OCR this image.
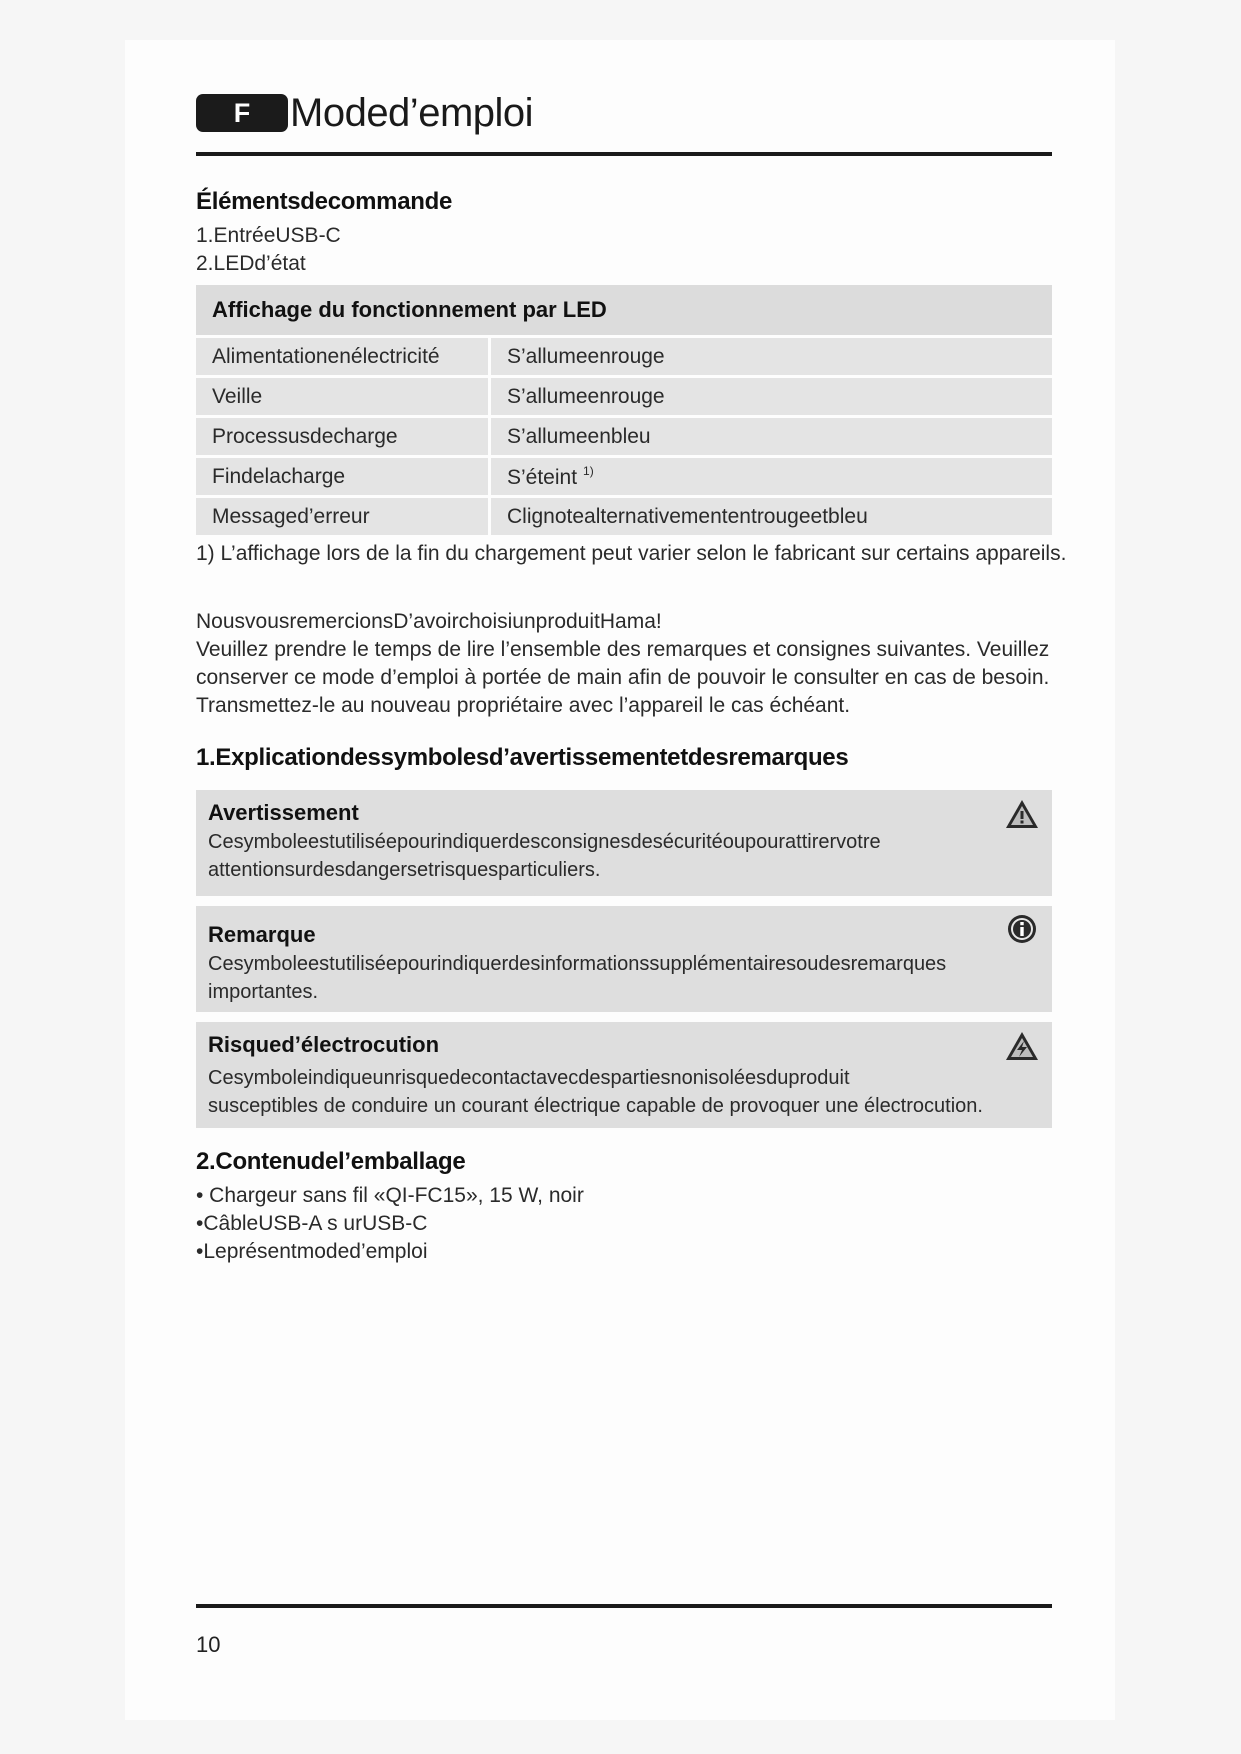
F Moded’emploi
Élémentsdecommande
1.EntréeUSB-C
2.LEDd’état
Affichage du fonctionnement par LED	
Alimentationenélectricité	S’allumeenrouge
Veille	S’allumeenrouge
Processusdecharge	S’allumeenbleu
Findelacharge	S’éteint $^{1)}$
Messaged’erreur	Clignotealternativemententrougeetbleu
1) L’affichage lors de la fin du chargement peut varier selon le fabricant sur certains appareils.
NousvousremercionsD’avoirchoisiunproduitHama!
Veuillez prendre le temps de lire l’ensemble des remarques et consignes suivantes. Veuillez
conserver ce mode d’emploi à portée de main afin de pouvoir le consulter en cas de besoin.
Transmettez-le au nouveau propriétaire avec l’appareil le cas échéant.
1.Explicationdessymbolesd’avertissementetdesremarques
Avertissement
Cesymboleestutiliséepourindiquerdesconsignesdesécuritéoupourattirervotre
attentionsurdesdangersetrisquesparticuliers.
Remarque
Cesymboleestutiliséepourindiquerdesinformationssupplémentairesoudesremarques
importantes.
Risqued’électrocution
Cesymboleindiqueunrisquedecontactavecdespartiesnonisoléesduproduit
susceptibles de conduire un courant électrique capable de provoquer une électrocution.
2.Contenudel’emballage
• Chargeur sans fil «QI-FC15», 15 W, noir
•CâbleUSB-A s urUSB-C
•Leprésentmoded’emploi
10
